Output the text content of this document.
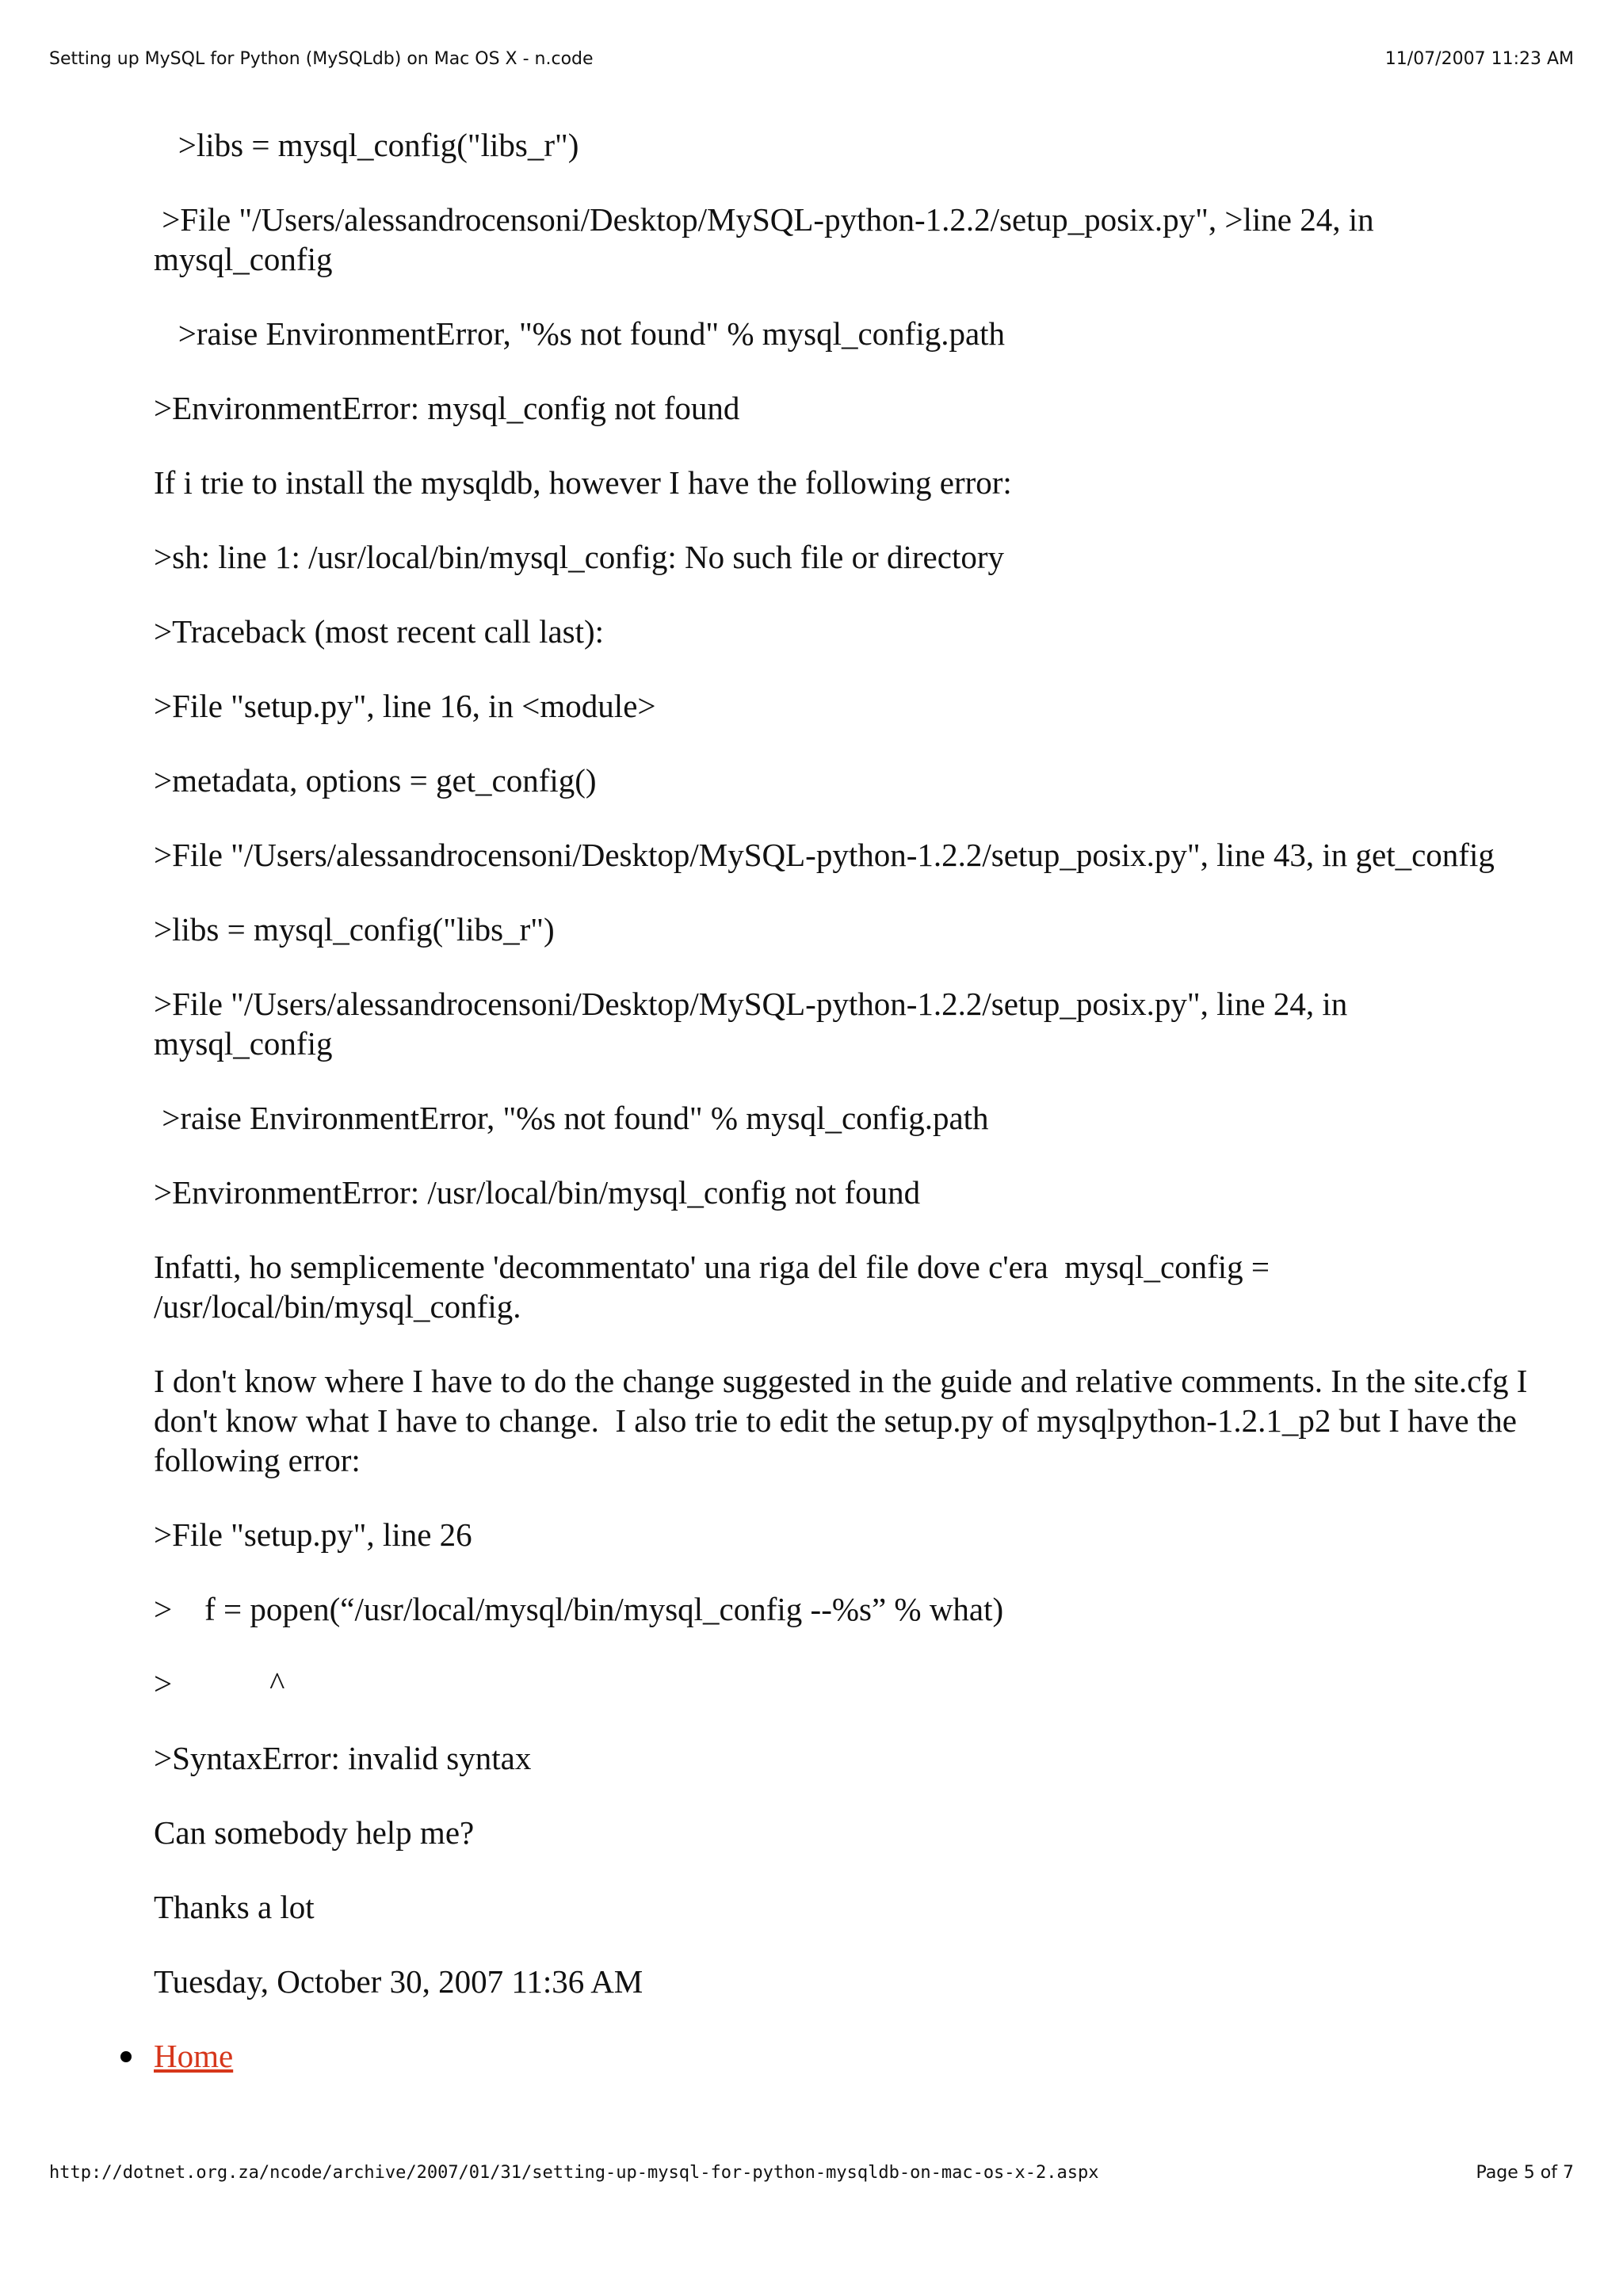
Setting up MySQL for Python (MySQLdb) on Mac OS X - n.code	11/07/2007 11:23 AM

>libs = mysql_config("libs_r")

>File "/Users/alessandrocensoni/Desktop/MySQL-python-1.2.2/setup_posix.py", >line 24, in mysql_config

>raise EnvironmentError, "%s not found" % mysql_config.path

>EnvironmentError: mysql_config not found

If i trie to install the mysqldb, however I have the following error:

>sh: line 1: /usr/local/bin/mysql_config: No such file or directory

>Traceback (most recent call last):

>File "setup.py", line 16, in <module>

>metadata, options = get_config()

>File "/Users/alessandrocensoni/Desktop/MySQL-python-1.2.2/setup_posix.py", line 43, in get_config

>libs = mysql_config("libs_r")

>File "/Users/alessandrocensoni/Desktop/MySQL-python-1.2.2/setup_posix.py", line 24, in mysql_config

>raise EnvironmentError, "%s not found" % mysql_config.path

>EnvironmentError: /usr/local/bin/mysql_config not found

Infatti, ho semplicemente 'decommentato' una riga del file dove c'era  mysql_config = /usr/local/bin/mysql_config.

I don't know where I have to do the change suggested in the guide and relative comments. In the site.cfg I don't know what I have to change.  I also trie to edit the setup.py of mysqlpython-1.2.1_p2 but I have the following error:

>File "setup.py", line 26

>    f = popen(“/usr/local/mysql/bin/mysql_config --%s” % what)

>            ^

>SyntaxError: invalid syntax

Can somebody help me?

Thanks a lot

Tuesday, October 30, 2007 11:36 AM

Home
http://dotnet.org.za/ncode/archive/2007/01/31/setting-up-mysql-for-python-mysqldb-on-mac-os-x-2.aspx	Page 5 of 7
